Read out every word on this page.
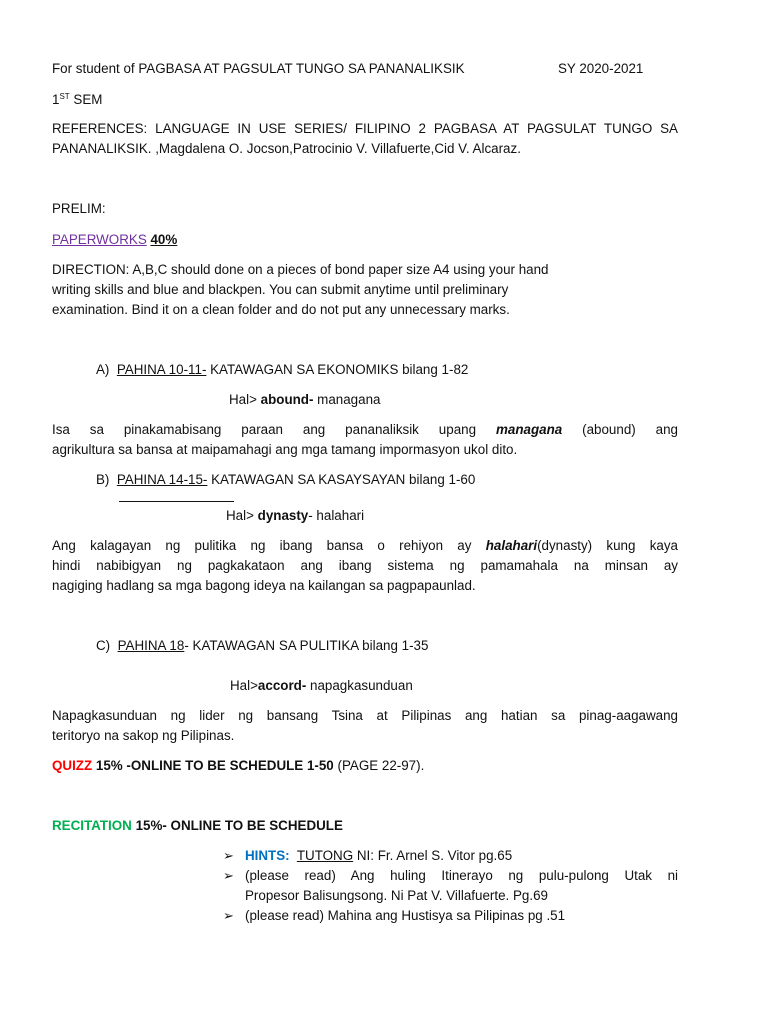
For student of PAGBASA AT PAGSULAT TUNGO SA PANANALIKSIK	SY 2020-2021
1ST SEM
REFERENCES: LANGUAGE IN USE SERIES/ FILIPINO 2 PAGBASA AT PAGSULAT TUNGO SA
PANANALIKSIK. ,Magdalena O. Jocson,Patrocinio V. Villafuerte,Cid V. Alcaraz.
PRELIM:
PAPERWORKS 40%
DIRECTION: A,B,C should done on a pieces of bond paper size A4 using your hand
writing skills and blue and blackpen. You can submit anytime until preliminary
examination. Bind it on a clean folder and do not put any unnecessary marks.
A) PAHINA 10-11- KATAWAGAN SA EKONOMIKS bilang 1-82
Hal> abound- managana
Isa sa pinakamabisang paraan ang pananaliksik upang managana (abound) ang
agrikultura sa bansa at maipamahagi ang mga tamang impormasyon ukol dito.
B) PAHINA 14-15- KATAWAGAN SA KASAYSAYAN bilang 1-60
Hal> dynasty- halahari
Ang kalagayan ng pulitika ng ibang bansa o rehiyon ay halahari(dynasty) kung kaya
hindi nabibigyan ng pagkakataon ang ibang sistema ng pamamahala na minsan ay
nagiging hadlang sa mga bagong ideya na kailangan sa pagpapaunlad.
C) PAHINA 18- KATAWAGAN SA PULITIKA bilang 1-35
Hal>accord- napagkasunduan
Napagkasunduan ng lider ng bansang Tsina at Pilipinas ang hatian sa pinag-aagawang
teritoryo na sakop ng Pilipinas.
QUIZZ 15% -ONLINE TO BE SCHEDULE 1-50 (PAGE 22-97).
RECITATION 15%- ONLINE TO BE SCHEDULE
➢ HINTS: TUTONG NI: Fr. Arnel S. Vitor pg.65
➢ (please read) Ang huling Itinerayo ng pulu-pulong Utak ni
Propesor Balisungsong. Ni Pat V. Villafuerte. Pg.69
➢ (please read) Mahina ang Hustisya sa Pilipinas pg .51
